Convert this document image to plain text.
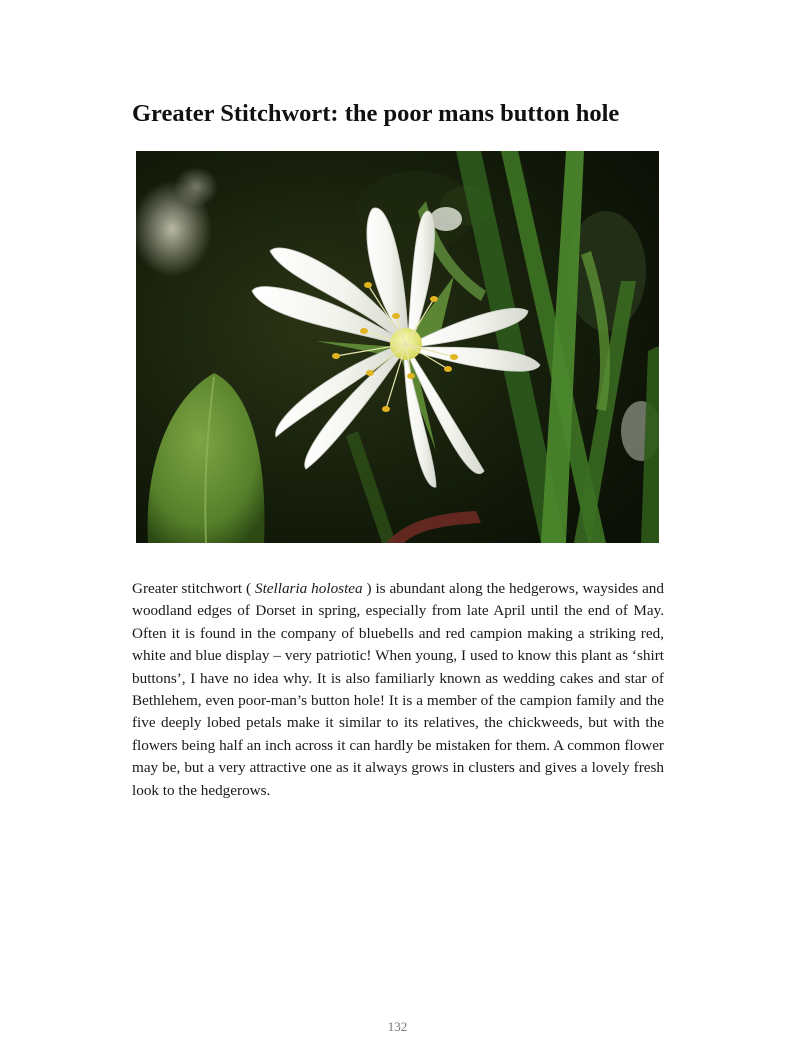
Greater Stitchwort: the poor mans button hole

Greater stitchwort ( Stellaria holostea ) is abundant along the hedgerows, waysides and woodland edges of Dorset in spring, especially from late April until the end of May. Often it is found in the company of bluebells and red campion making a striking red, white and blue display – very patriotic! When young, I used to know this plant as ‘shirt buttons’, I have no idea why. It is also familiarly known as wedding cakes and star of Bethlehem, even poor-man’s button hole! It is a member of the campion family and the five deeply lobed petals make it similar to its relatives, the chickweeds, but with the flowers being half an inch across it can hardly be mistaken for them. A common flower may be, but a very attractive one as it always grows in clusters and gives a lovely fresh look to the hedgerows.

132
